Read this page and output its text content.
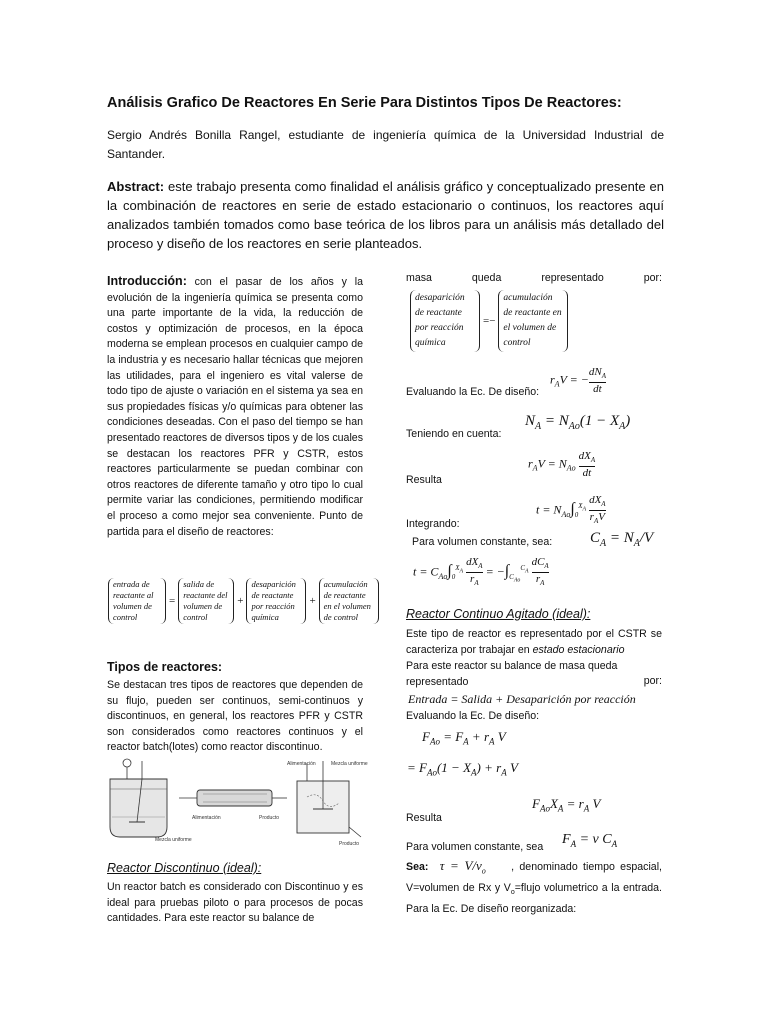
Análisis Grafico De Reactores En Serie Para Distintos Tipos De Reactores:
Sergio Andrés Bonilla Rangel, estudiante de ingeniería química de la Universidad Industrial de Santander.
Abstract: este trabajo presenta como finalidad el análisis gráfico y conceptualizado presente en la combinación de reactores en serie de estado estacionario o continuos, los reactores aquí analizados también tomados como base teórica de los libros para un análisis más detallado del proceso y diseño de los reactores en serie planteados.
Introducción: con el pasar de los años y la evolución de la ingeniería química se presenta como una parte importante de la vida, la reducción de costos y optimización de procesos, en la época moderna se emplean procesos en cualquier campo de la industria y es necesario hallar técnicas que mejoren las utilidades, para el ingeniero es vital valerse de todo tipo de ajuste o variación en el sistema ya sea en sus propiedades físicas y/o químicas para obtener las condiciones deseadas. Con el paso del tiempo se han presentado reactores de diversos tipos y de los cuales se destacan los reactores PFR y CSTR, estos reactores particularmente se puedan combinar con otros reactores de diferente tamaño y otro tipo lo cual permite variar las condiciones, permitiendo modificar el proceso a como mejor sea conveniente. Punto de partida para el diseño de reactores:
entrada de reactante al volumen de control
=
salida de reactante del volumen de control
+
desaparición de reactante por reacción química
+
acumulación de reactante en el volumen de control
Tipos de reactores:
Se destacan tres tipos de reactores que dependen de su flujo, pueden ser continuos, semi-continuos y discontinuos, en general, los reactores PFR y CSTR son considerados como reactores continuos y el reactor batch(lotes) como reactor discontinuo.
Mezcla uniforme
Alimentación	Producto
Alimentación	Mezcla uniforme
Producto
Reactor Discontinuo (ideal):
Un reactor batch es considerado con Discontinuo y es ideal para pruebas piloto o para procesos de pocas cantidades. Para este reactor su balance de
masa	queda	representado	por:
desaparición de reactante por reacción química
=−
acumulación de reactante en el volumen de control
$r_AV$ = −
$dN_A$
dt
Evaluando la Ec. De diseño:
$N_A = N_{Ao}(1 - X_A)$
Teniendo en cuenta:
$r_AV = N_{Ao}$
$dX_A$
dt
Resulta
$t = N_{Ao}\int_0^{X_A}$
$dX_A$
$r_AV$
Integrando:
Para volumen constante, sea:	$C_A = N_A/V$
$t = C_{Ao}\int_0^{X_A}$
$dX_A$
$r_A$
= $-\int_{C_{Ao}}^{C_A}$
$dC_A$
$r_A$
Reactor Continuo Agitado (ideal):
Este tipo de reactor es representado por el CSTR se caracteriza por trabajar en estado estacionario
Para este reactor su balance de masa queda representado	por:
Entrada = Salida + Desaparición por reacción
Evaluando la Ec. De diseño:
$F_{Ao} = F_A + r_A$ V
= $F_{Ao}(1 - X_A) + r_A$ V
$F_{Ao}X_A = r_A$ V
Resulta
Para volumen constante, sea	$F_A = v$ $C_A$
Sea: $\tau = V/v_o$ , denominado tiempo espacial, V=volumen de Rx y $V_o=flujo$ volumetrico a la entrada. Para la Ec. De diseño reorganizada:
